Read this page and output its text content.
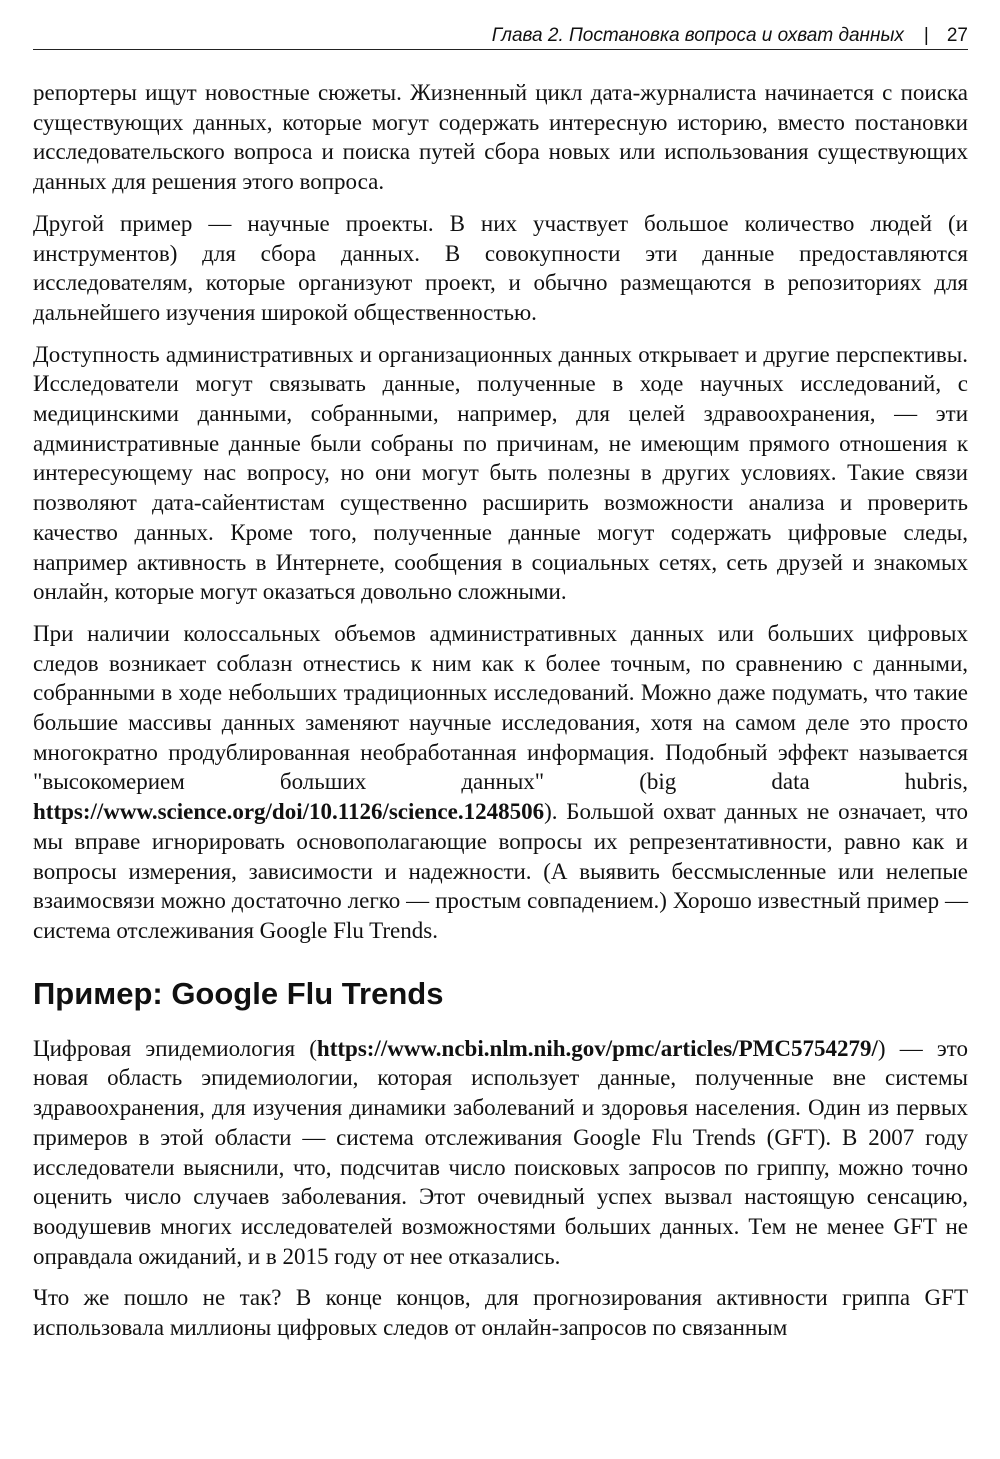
Глава 2. Постановка вопроса и охват данных | 27

репортеры ищут новостные сюжеты. Жизненный цикл дата-журналиста начинается с поиска существующих данных, которые могут содержать интересную историю, вместо постановки исследовательского вопроса и поиска путей сбора новых или использования существующих данных для решения этого вопроса.

Другой пример — научные проекты. В них участвует большое количество людей (и инструментов) для сбора данных. В совокупности эти данные предоставляются исследователям, которые организуют проект, и обычно размещаются в репозиториях для дальнейшего изучения широкой общественностью.

Доступность административных и организационных данных открывает и другие перспективы. Исследователи могут связывать данные, полученные в ходе научных исследований, с медицинскими данными, собранными, например, для целей здравоохранения, — эти административные данные были собраны по причинам, не имеющим прямого отношения к интересующему нас вопросу, но они могут быть полезны в других условиях. Такие связи позволяют дата-сайентистам существенно расширить возможности анализа и проверить качество данных. Кроме того, полученные данные могут содержать цифровые следы, например активность в Интернете, сообщения в социальных сетях, сеть друзей и знакомых онлайн, которые могут оказаться довольно сложными.

При наличии колоссальных объемов административных данных или больших цифровых следов возникает соблазн отнестись к ним как к более точным, по сравнению с данными, собранными в ходе небольших традиционных исследований. Можно даже подумать, что такие большие массивы данных заменяют научные исследования, хотя на самом деле это просто многократно продублированная необработанная информация. Подобный эффект называется "высокомерием больших данных" (big data hubris, https://www.science.org/doi/10.1126/science.1248506). Большой охват данных не означает, что мы вправе игнорировать основополагающие вопросы их репрезентативности, равно как и вопросы измерения, зависимости и надежности. (А выявить бессмысленные или нелепые взаимосвязи можно достаточно легко — простым совпадением.) Хорошо известный пример — система отслеживания Google Flu Trends.

Пример: Google Flu Trends

Цифровая эпидемиология (https://www.ncbi.nlm.nih.gov/pmc/articles/PMC5754279/) — это новая область эпидемиологии, которая использует данные, полученные вне системы здравоохранения, для изучения динамики заболеваний и здоровья населения. Один из первых примеров в этой области — система отслеживания Google Flu Trends (GFT). В 2007 году исследователи выяснили, что, подсчитав число поисковых запросов по гриппу, можно точно оценить число случаев заболевания. Этот очевидный успех вызвал настоящую сенсацию, воодушевив многих исследователей возможностями больших данных. Тем не менее GFT не оправдала ожиданий, и в 2015 году от нее отказались.

Что же пошло не так? В конце концов, для прогнозирования активности гриппа GFT использовала миллионы цифровых следов от онлайн-запросов по связанным
